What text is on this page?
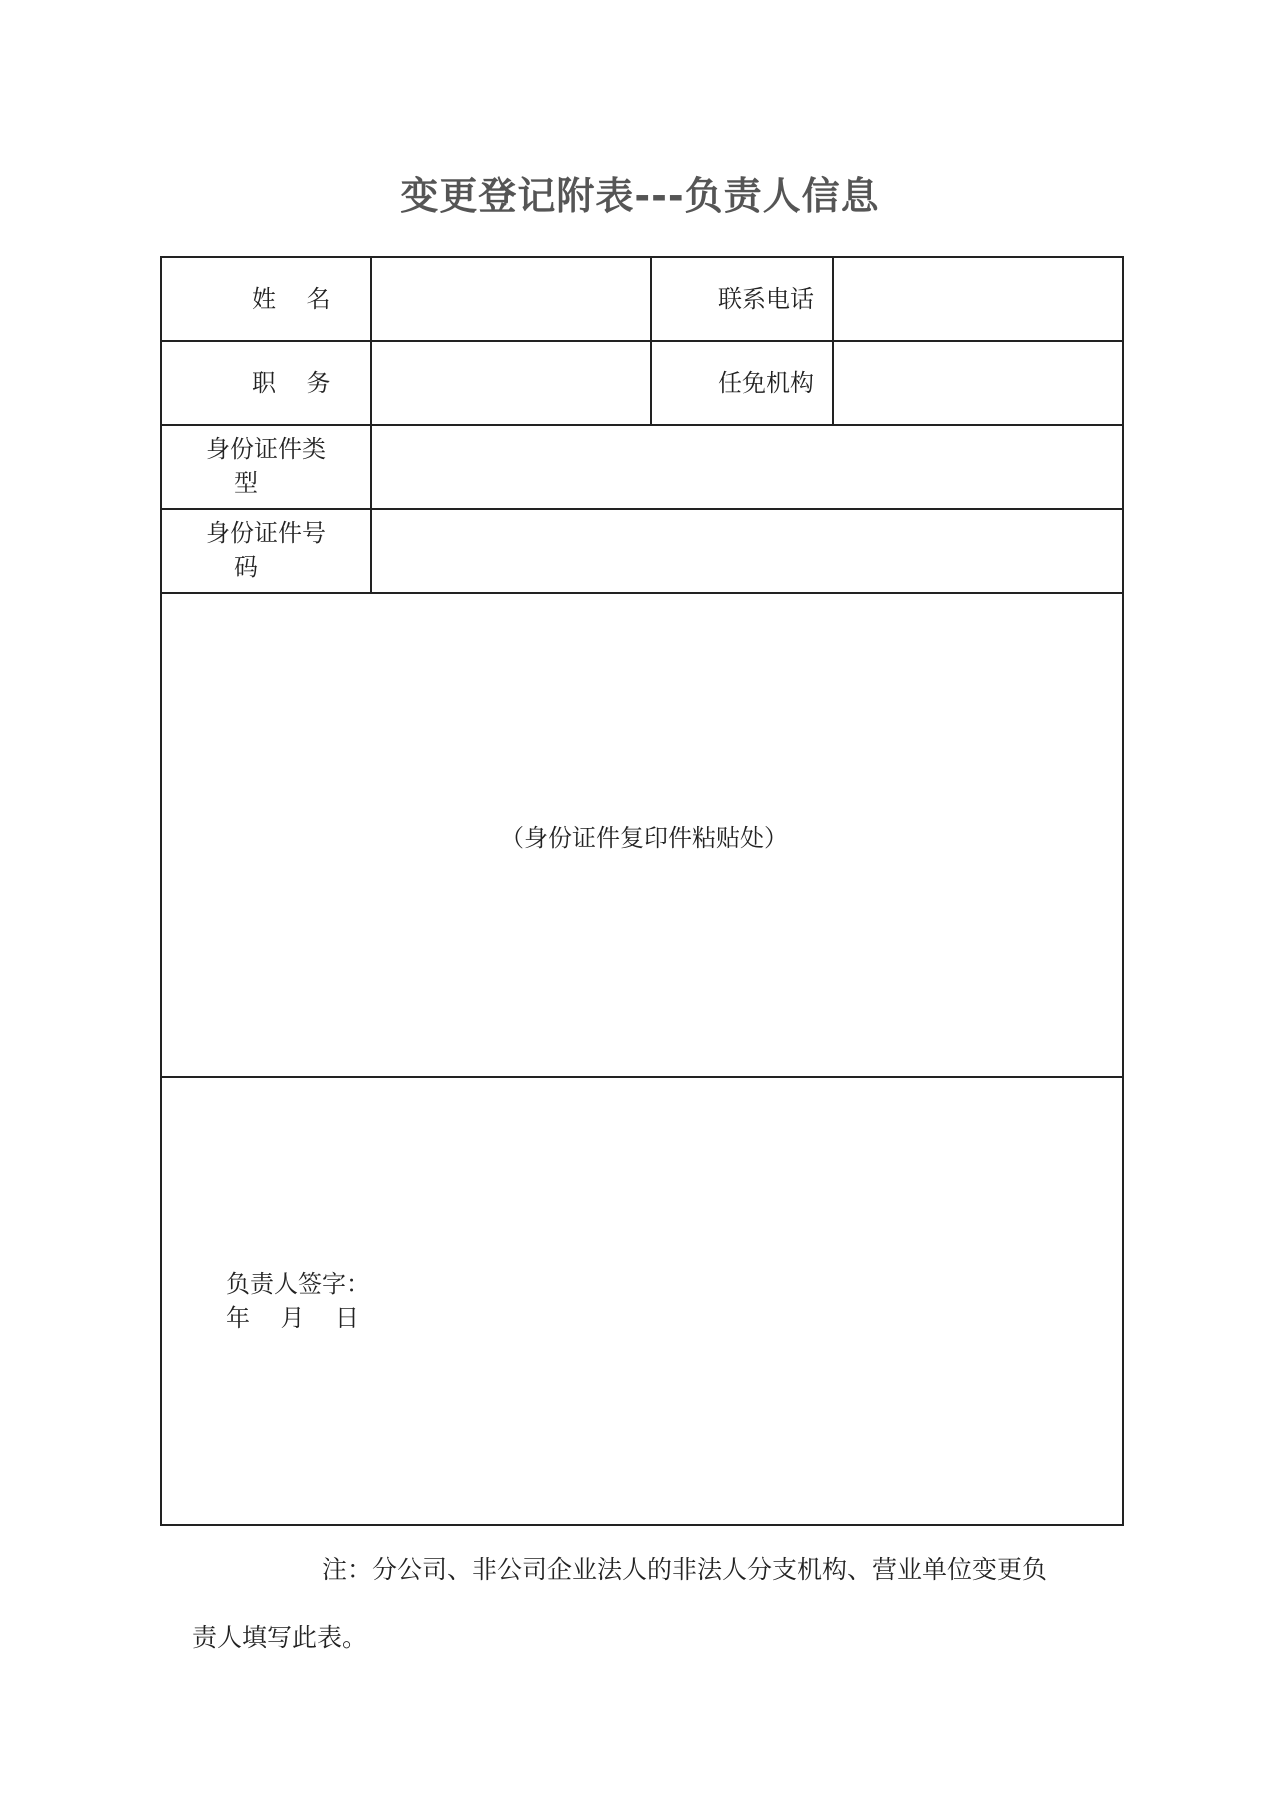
变更登记附表---负责人信息
姓    名	联系电话
职    务	任免机构
身份证件类
型
身份证件号
码
（身份证件复印件粘贴处）
负责人签字：
年    月    日
注：分公司、非公司企业法人的非法人分支机构、营业单位变更负
责人填写此表。
